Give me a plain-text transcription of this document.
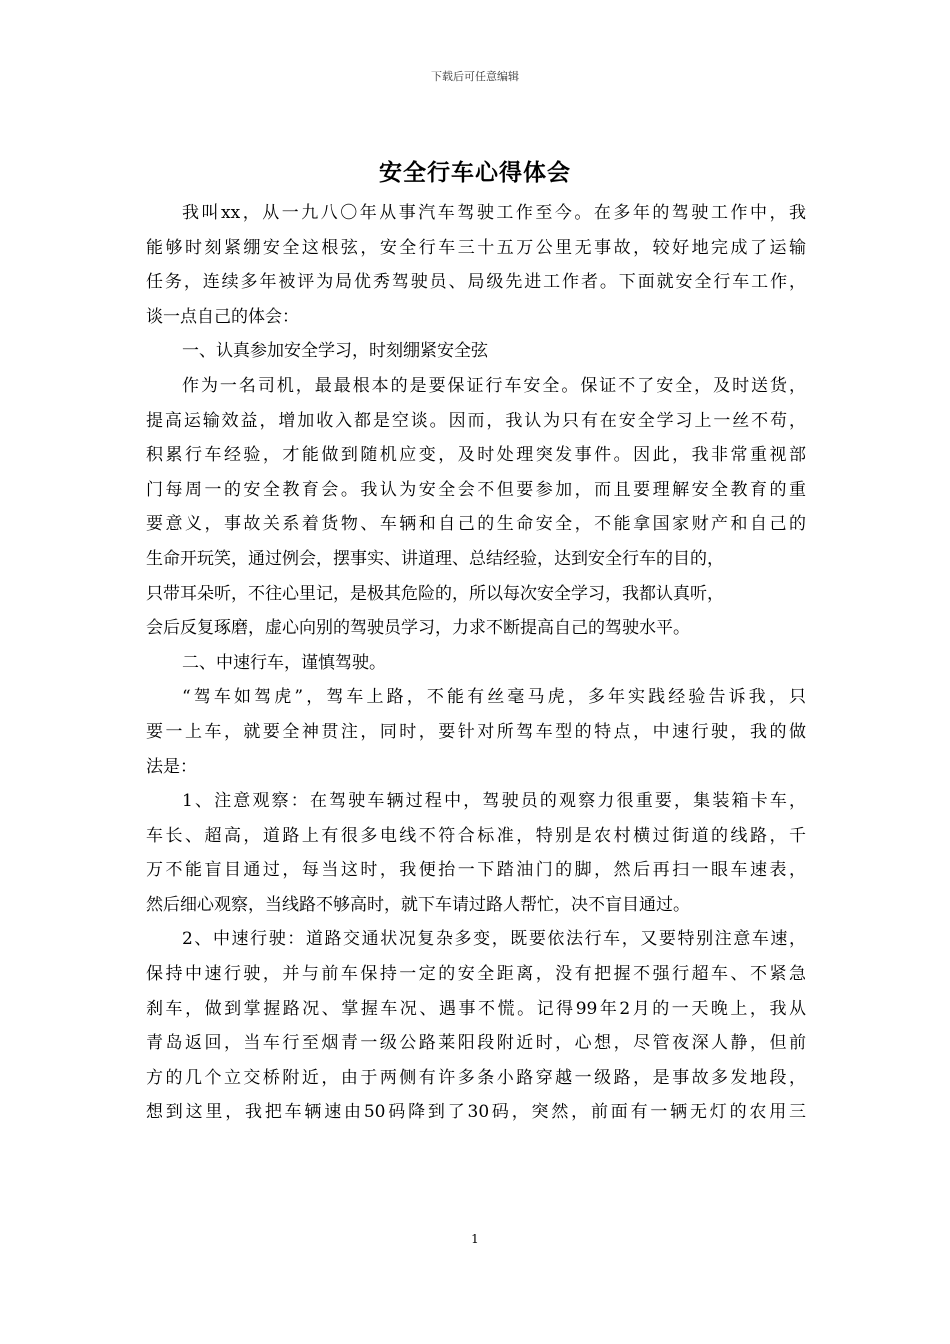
下载后可任意编辑
安全行车心得体会
我叫xx，从一九八〇年从事汽车驾驶工作至今。在多年的驾驶工作中，我
能够时刻紧绷安全这根弦，安全行车三十五万公里无事故，较好地完成了运输
任务，连续多年被评为局优秀驾驶员、局级先进工作者。下面就安全行车工作，
谈一点自己的体会：
一、认真参加安全学习，时刻绷紧安全弦
作为一名司机，最最根本的是要保证行车安全。保证不了安全，及时送货，
提高运输效益，增加收入都是空谈。因而，我认为只有在安全学习上一丝不苟，
积累行车经验，才能做到随机应变，及时处理突发事件。因此，我非常重视部
门每周一的安全教育会。我认为安全会不但要参加，而且要理解安全教育的重
要意义，事故关系着货物、车辆和自己的生命安全，不能拿国家财产和自己的
生命开玩笑，通过例会，摆事实、讲道理、总结经验，达到安全行车的目的，
只带耳朵听，不往心里记，是极其危险的，所以每次安全学习，我都认真听，
会后反复琢磨，虚心向别的驾驶员学习，力求不断提高自己的驾驶水平。
二、中速行车，谨慎驾驶。
“驾车如驾虎”，驾车上路，不能有丝毫马虎，多年实践经验告诉我，只
要一上车，就要全神贯注，同时，要针对所驾车型的特点，中速行驶，我的做
法是：
1、注意观察：在驾驶车辆过程中，驾驶员的观察力很重要，集装箱卡车，
车长、超高，道路上有很多电线不符合标准，特别是农村横过街道的线路，千
万不能盲目通过，每当这时，我便抬一下踏油门的脚，然后再扫一眼车速表，
然后细心观察，当线路不够高时，就下车请过路人帮忙，决不盲目通过。
2、中速行驶：道路交通状况复杂多变，既要依法行车，又要特别注意车速，
保持中速行驶，并与前车保持一定的安全距离，没有把握不强行超车、不紧急
刹车，做到掌握路况、掌握车况、遇事不慌。记得99年2月的一天晚上，我从
青岛返回，当车行至烟青一级公路莱阳段附近时，心想，尽管夜深人静，但前
方的几个立交桥附近，由于两侧有许多条小路穿越一级路，是事故多发地段，
想到这里，我把车辆速由50码降到了30码，突然，前面有一辆无灯的农用三
1
